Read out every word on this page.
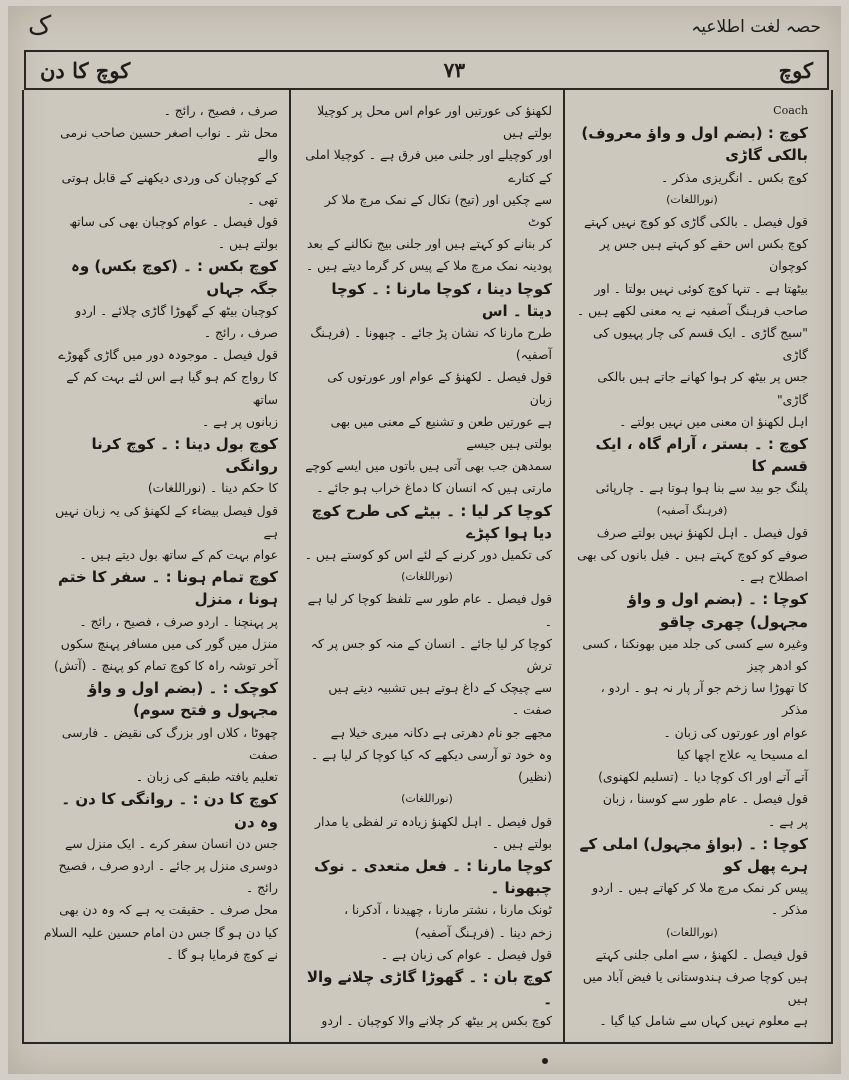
حصہ لغت اطلاعیہ
ک
کوچ
۷۳
کوچ کا دن

Coach

کوچ : (بضم اول و واؤ معروف) بالکی گاڑی

کوچ بکس ۔ انگریزی مذکر ۔

(نوراللغات)

قول فیصل ۔ بالکی گاڑی کو کوچ نہیں کہتے

کوچ بکس اس حقے کو کہتے ہیں جس پر کوچوان

بیٹھتا ہے ۔ تنہا کوچ کوئی نہیں بولتا ۔ اور

صاحب فرہنگ آصفیہ نے یہ معنی لکھے ہیں ۔

"سیج گاڑی ۔ ایک قسم کی چار پہیوں کی گاڑی

جس پر بیٹھ کر ہوا کھانے جاتے ہیں بالکی گاڑی"

اہل لکھنؤ ان معنی میں نہیں بولتے ۔

کوچ : ۔ بستر ، آرام گاہ ، ایک قسم کا

پلنگ جو بید سے بنا ہوا ہوتا ہے ۔ چارپائی

(فرہنگ آصفیہ)

قول فیصل ۔ اہل لکھنؤ نہیں بولتے صرف

صوفے کو کوچ کہتے ہیں ۔ فیل بانوں کی بھی

اصطلاح ہے ۔

کوچا : ۔ (بضم اول و واؤ مجہول) چھری چاقو

وغیرہ سے کسی کی جلد میں بھونکنا ، کسی کو ادھر چیز

کا تھوڑا سا زخم جو آر پار نہ ہو ۔ اردو ، مذکر

عوام اور عورتوں کی زبان ۔

اے مسیحا یہ علاج اچھا کیا

آتے آتے اور اک کوچا دیا ۔ (تسلیم لکھنوی)

قول فیصل ۔ عام طور سے کوسنا ، زبان

پر ہے ۔

کوچا : ۔ (بواؤ مجہول) املی کے ہرے پھل کو

پیس کر نمک مرچ ملا کر کھاتے ہیں ۔ اردو مذکر ۔

(نوراللغات)

قول فیصل ۔ لکھنؤ ، سے املی جلنی کہتے

ہیں کوچا صرف ہندوستانی یا فیض آباد میں ہیں

ہے معلوم نہیں کہاں سے شامل کیا گیا ۔

لکھنؤ کی عورتیں اور عوام اس محل پر کوچیلا بولتے ہیں

اور کوچیلے اور جلنی میں فرق ہے ۔ کوچیلا املی کے کتارے

سے چکیں اور (تیج) نکال کے نمک مرچ ملا کر کوٹ

کر بنانے کو کہتے ہیں اور جلنی بیج نکالنے کے بعد

پودینہ نمک مرچ ملا کے پیس کر گرما دیتے ہیں ۔

کوچا دینا ، کوچا مارنا : ۔ کوچا دیتا ۔ اس

طرح مارنا کہ نشان پڑ جائے ۔ چبھونا ۔ (فرہنگ آصفیہ)

قول فیصل ۔ لکھنؤ کے عوام اور عورتوں کی زبان

ہے عورتیں طعن و تشنیع کے معنی میں بھی بولتی ہیں جیسے

سمدھن جب بھی آتی ہیں باتوں میں ایسے کوچے

مارتی ہیں کہ انسان کا دماغ خراب ہو جائے ۔

کوچا کر لیا : ۔ بیٹے کی طرح کوچ دیا ہوا کپڑے

کی تکمیل دور کرنے کے لئے اس کو کوستے ہیں ۔

(نوراللغات)

قول فیصل ۔ عام طور سے تلفظ کوچا کر لیا ہے ۔

کوچا کر لیا جائے ۔ انسان کے منہ کو جس پر کہ ترش

سے چیچک کے داغ ہوتے ہیں تشبیہ دیتے ہیں

صفت ۔

مجھے جو نام دھرتی ہے دکانہ میری خیلا ہے

وہ خود تو آرسی دیکھے کہ کیا کوچا کر لیا ہے ۔ (نظیر)

(نوراللغات)

قول فیصل ۔ اہل لکھنؤ زیادہ تر لفظی یا مدار

بولتے ہیں ۔

کوچا مارنا : ۔ فعل متعدی ۔ نوک چبھونا ۔

ٹونک مارنا ، نشتر مارنا ، چھیدنا ، آدکرنا ،

زخم دینا ۔ (فرہنگ آصفیہ)

قول فیصل ۔ عوام کی زبان ہے ۔

کوچ بان : ۔ گھوڑا گاڑی چلانے والا ۔

کوچ بکس پر بیٹھ کر چلانے والا کوچبان ۔ اردو

صرف ، فصیح ، رائج ۔

محل نثر ۔ نواب اصغر حسین صاحب نرمی والے

کے کوچبان کی وردی دیکھنے کے قابل ہوتی تھی ۔

قول فیصل ۔ عوام کوچبان بھی کی ساتھ

بولتے ہیں ۔

کوچ بکس : ۔ (کوچ بکس) وہ جگہ جہاں

کوچبان بیٹھ کے گھوڑا گاڑی چلائے ۔ اردو

صرف ، رائج ۔

قول فیصل ۔ موجودہ دور میں گاڑی گھوڑے

کا رواج کم ہو گیا ہے اس لئے بہت کم کے ساتھ

زبانوں پر ہے ۔

کوچ بول دینا : ۔ کوچ کرنا روانگی

کا حکم دینا ۔ (نوراللغات)

قول فیصل بیضاء کے لکھنؤ کی یہ زبان نہیں ہے

عوام بہت کم کے ساتھ بول دیتے ہیں ۔

کوچ تمام ہونا : ۔ سفر کا ختم ہونا ، منزل

پر پہنچنا ۔ اردو صرف ، فصیح ، رائج ۔

منزل میں گور کی میں مسافر پہنچ سکوں

آخر توشہ راہ کا کوچ تمام کو پہنچ ۔ (آتش)

کوچک : ۔ (بضم اول و واؤ مجہول و فتح سوم)

چھوٹا ، کلاں اور بزرگ کی نقیض ۔ فارسی صفت

تعلیم یافتہ طبقے کی زبان ۔

کوچ کا دن : ۔ روانگی کا دن ۔ وہ دن

جس دن انسان سفر کرے ۔ ایک منزل سے

دوسری منزل پر جائے ۔ اردو صرف ، فصیح

رائج ۔

محل صرف ۔ حقیقت یہ ہے کہ وہ دن بھی

کیا دن ہو گا جس دن امام حسین علیہ السلام

نے کوچ فرمایا ہو گا ۔
